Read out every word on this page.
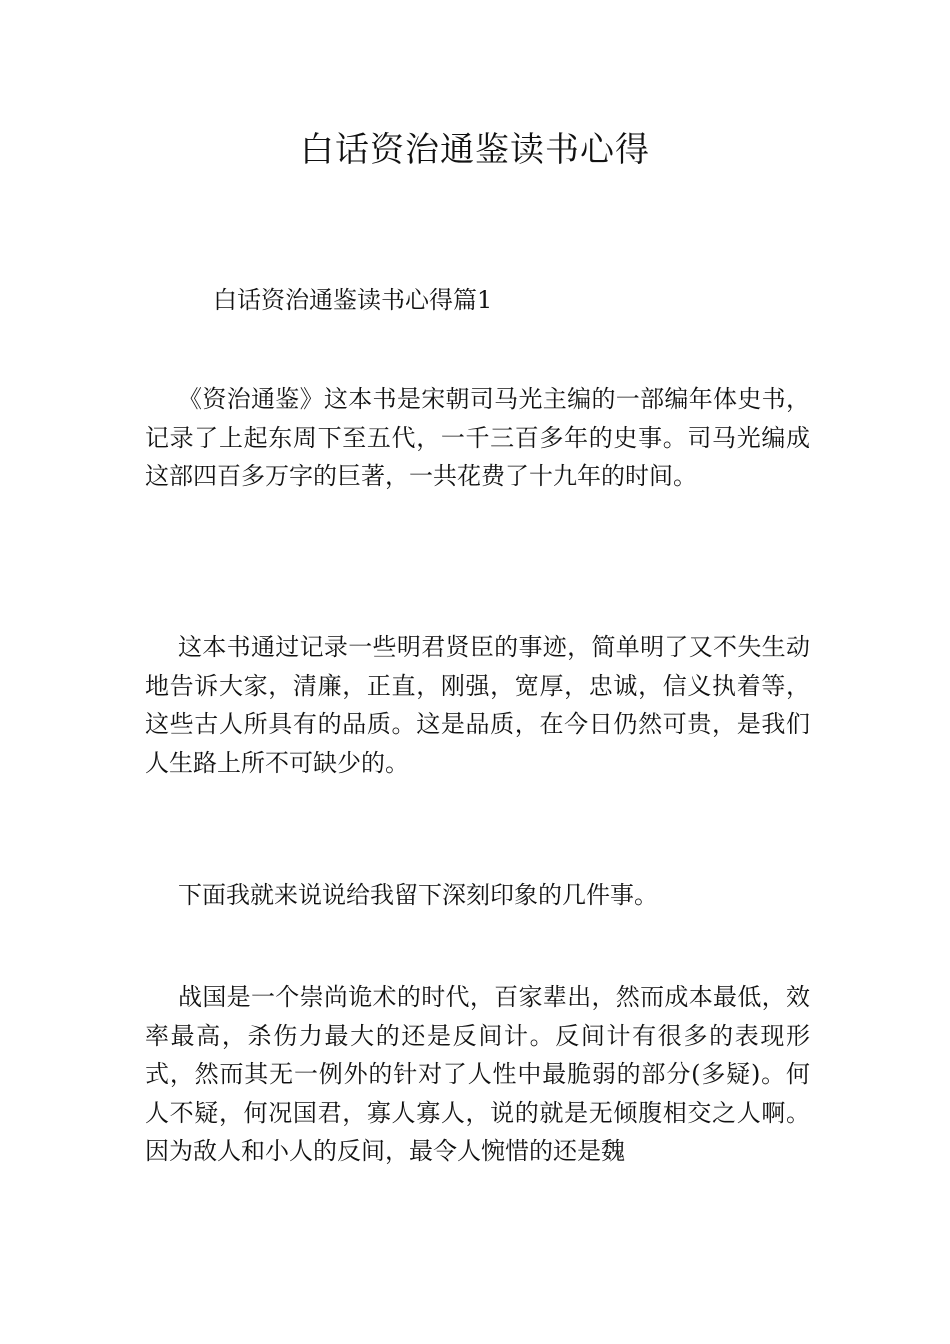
白话资治通鉴读书心得
白话资治通鉴读书心得篇1

《资治通鉴》这本书是宋朝司马光主编的一部编年体史书，记录了上起东周下至五代，一千三百多年的史事。司马光编成这部四百多万字的巨著，一共花费了十九年的时间。

这本书通过记录一些明君贤臣的事迹，简单明了又不失生动地告诉大家，清廉，正直，刚强，宽厚，忠诚，信义执着等，这些古人所具有的品质。这是品质，在今日仍然可贵，是我们人生路上所不可缺少的。

下面我就来说说给我留下深刻印象的几件事。

战国是一个崇尚诡术的时代，百家辈出，然而成本最低，效率最高，杀伤力最大的还是反间计。反间计有很多的表现形式，然而其无一例外的针对了人性中最脆弱的部分(多疑)。何人不疑，何况国君，寡人寡人，说的就是无倾腹相交之人啊。因为敌人和小人的反间，最令人惋惜的还是魏
